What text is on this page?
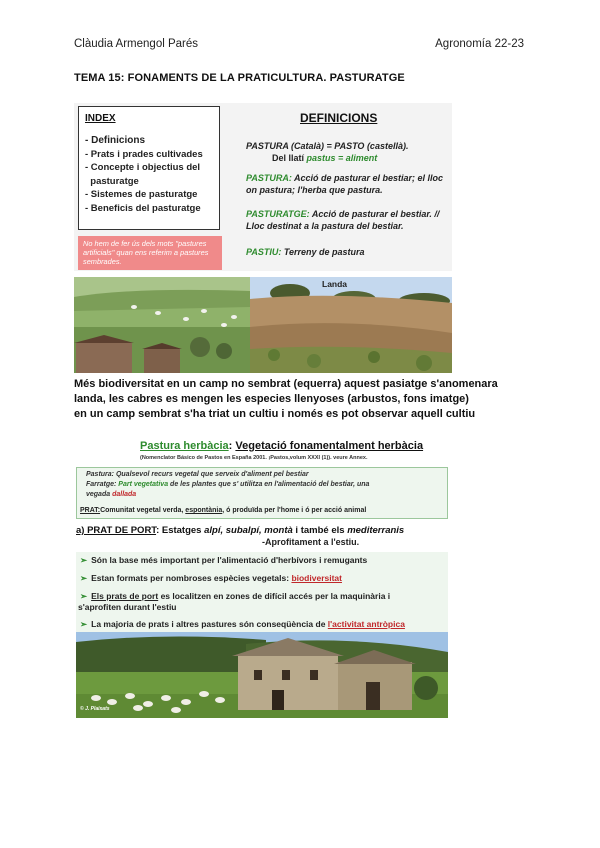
Clàudia Armengol Parés	Agronomía 22-23
TEMA 15: FONAMENTS DE LA PRATICULTURA. PASTURATGE
INDEX
- Definicions
- Prats i prades cultivades
- Concepte i objectius del
pasturatge
- Sistemes de pasturatge
- Beneficis del pasturatge
No hem de fer ús dels mots "pastures artificials" quan ens referim a pastures sembrades.
DEFINICIONS
PASTURA (Català) = PASTO (castellà).
Del llatí pastus = aliment
PASTURA: Acció de pasturar el bestiar; el lloc on pastura; l'herba que pastura.
PASTURATGE: Acció de pasturar el bestiar. // Lloc destinat a la pastura del bestiar.
PASTIU: Terreny de pastura
Landa
Més biodiversitat en un camp no sembrat (equerra) aquest pasiatge s'anomenara
landa, les cabres es mengen les especies llenyoses (arbustos, fons imatge)
en un camp sembrat s'ha triat un cultiu i només es pot observar aquell cultiu
Pastura herbàcia: Vegetació fonamentalment herbàcia
(Nomenclator Básico de Pastos en España 2001. ¡Pastos,volum XXXI (1)). veure Annex.
Pastura: Qualsevol recurs vegetal que serveix d'aliment pel bestiar
Farratge: Part vegetativa de les plantes que s' utilitza en l'alimentació del bestiar, una
vegada dallada
PRAT:Comunitat vegetal verda, espontània, ó produïda per l'home i ó per acció animal
a) PRAT DE PORT: Estatges alpí, subalpí, montà i també els mediterranis
-Aprofitament a l'estiu.
➢ Són la base més important per l'alimentació d'herbívors i remugants
➢ Estan formats per nombroses espècies vegetals: biodiversitat
➢ Els prats de port es localitzen en zones de difícil accés per la maquinària i
s'aprofiten durant l'estiu
➢ La majoria de prats i altres pastures són conseqüència de l'activitat antròpica
© J. Plaixats
